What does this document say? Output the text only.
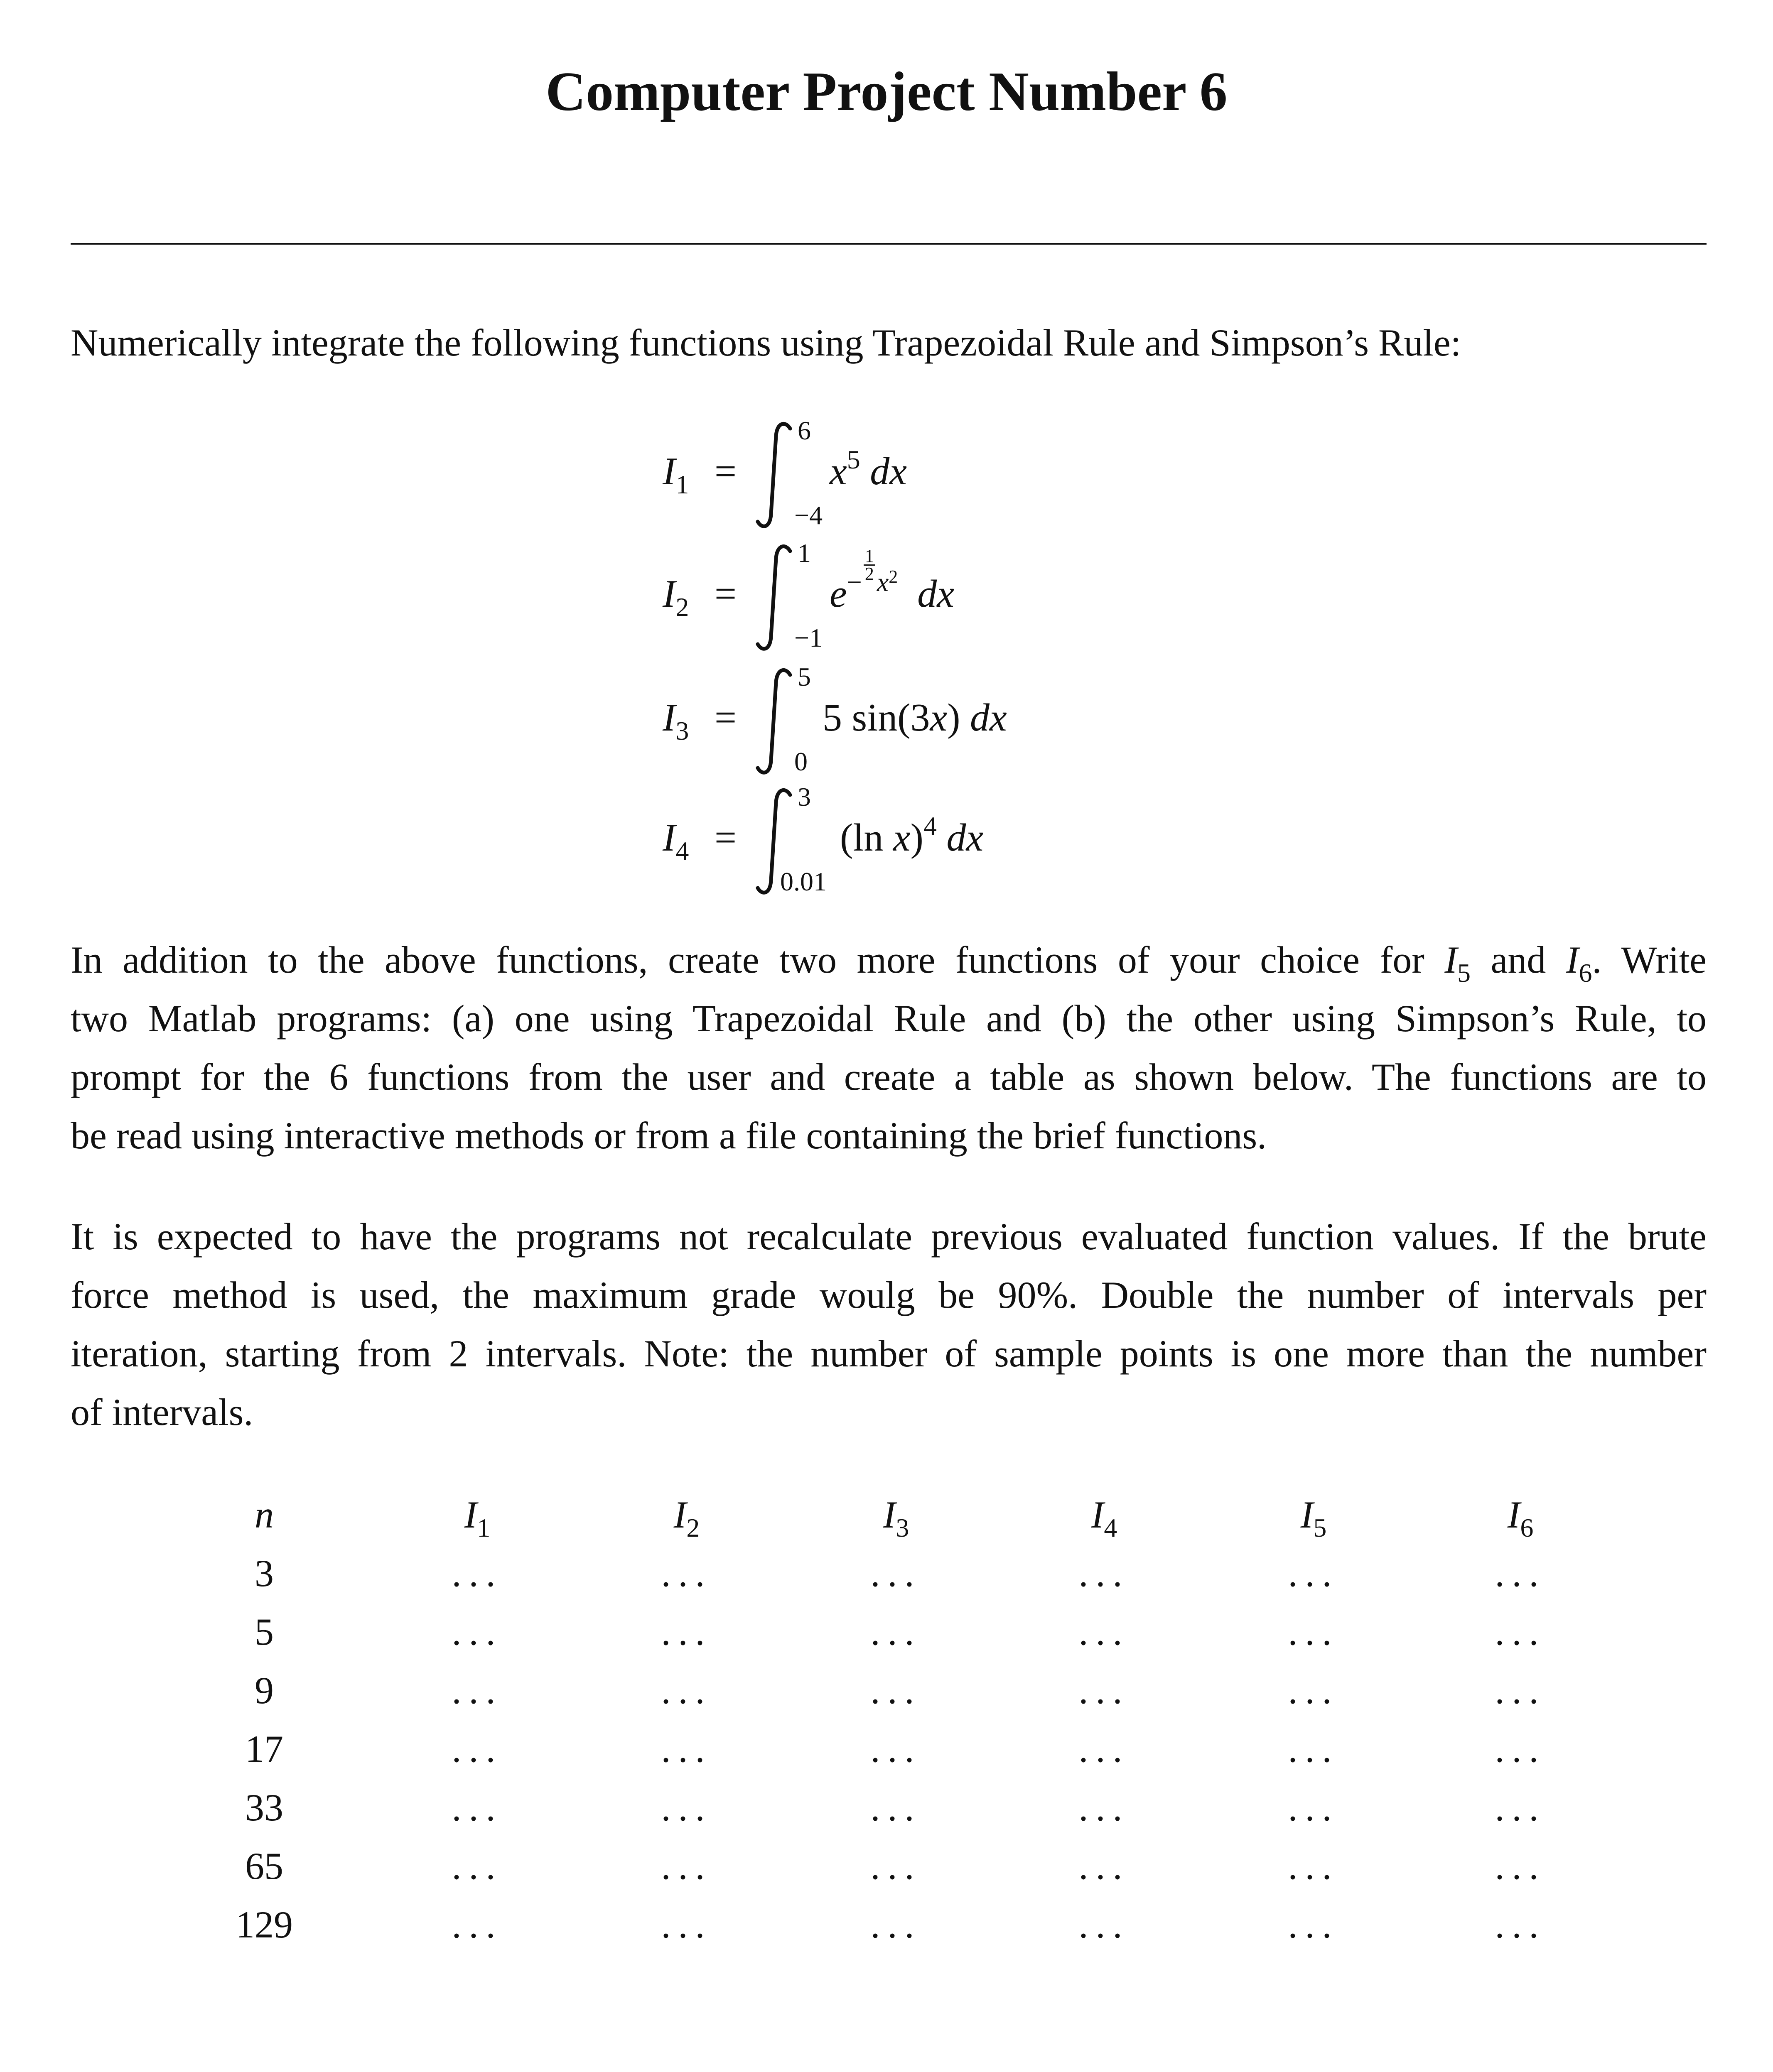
Computer Project Number 6
Numerically integrate the following functions using Trapezoidal Rule and Simpson’s Rule:
$I_1$ =
6
−4
$x^5$ dx
$I_2$ =
1
−1
$e^{- \frac{1}{2} x^2}$ dx
$I_3$ =
5
0
5 sin(3x) dx
$I_4$ =
3
0.01
(ln x)$^4$ dx
In addition to the above functions, create two more functions of your choice for $I_5$ and $I_6$. Write
two Matlab programs: (a) one using Trapezoidal Rule and (b) the other using Simpson’s Rule, to
prompt for the 6 functions from the user and create a table as shown below. The functions are to
be read using interactive methods or from a file containing the brief functions.
It is expected to have the programs not recalculate previous evaluated function values. If the brute
force method is used, the maximum grade woulg be 90%. Double the number of intervals per
iteration, starting from 2 intervals. Note: the number of sample points is one more than the number
of intervals.
n	$I_1$	$I_2$	$I_3$	$I_4$	$I_5$	$I_6$
3	...	...	...	...	...	...
5	...	...	...	...	...	...
9	...	...	...	...	...	...
17	...	...	...	...	...	...
33	...	...	...	...	...	...
65	...	...	...	...	...	...
129	...	...	...	...	...	...
